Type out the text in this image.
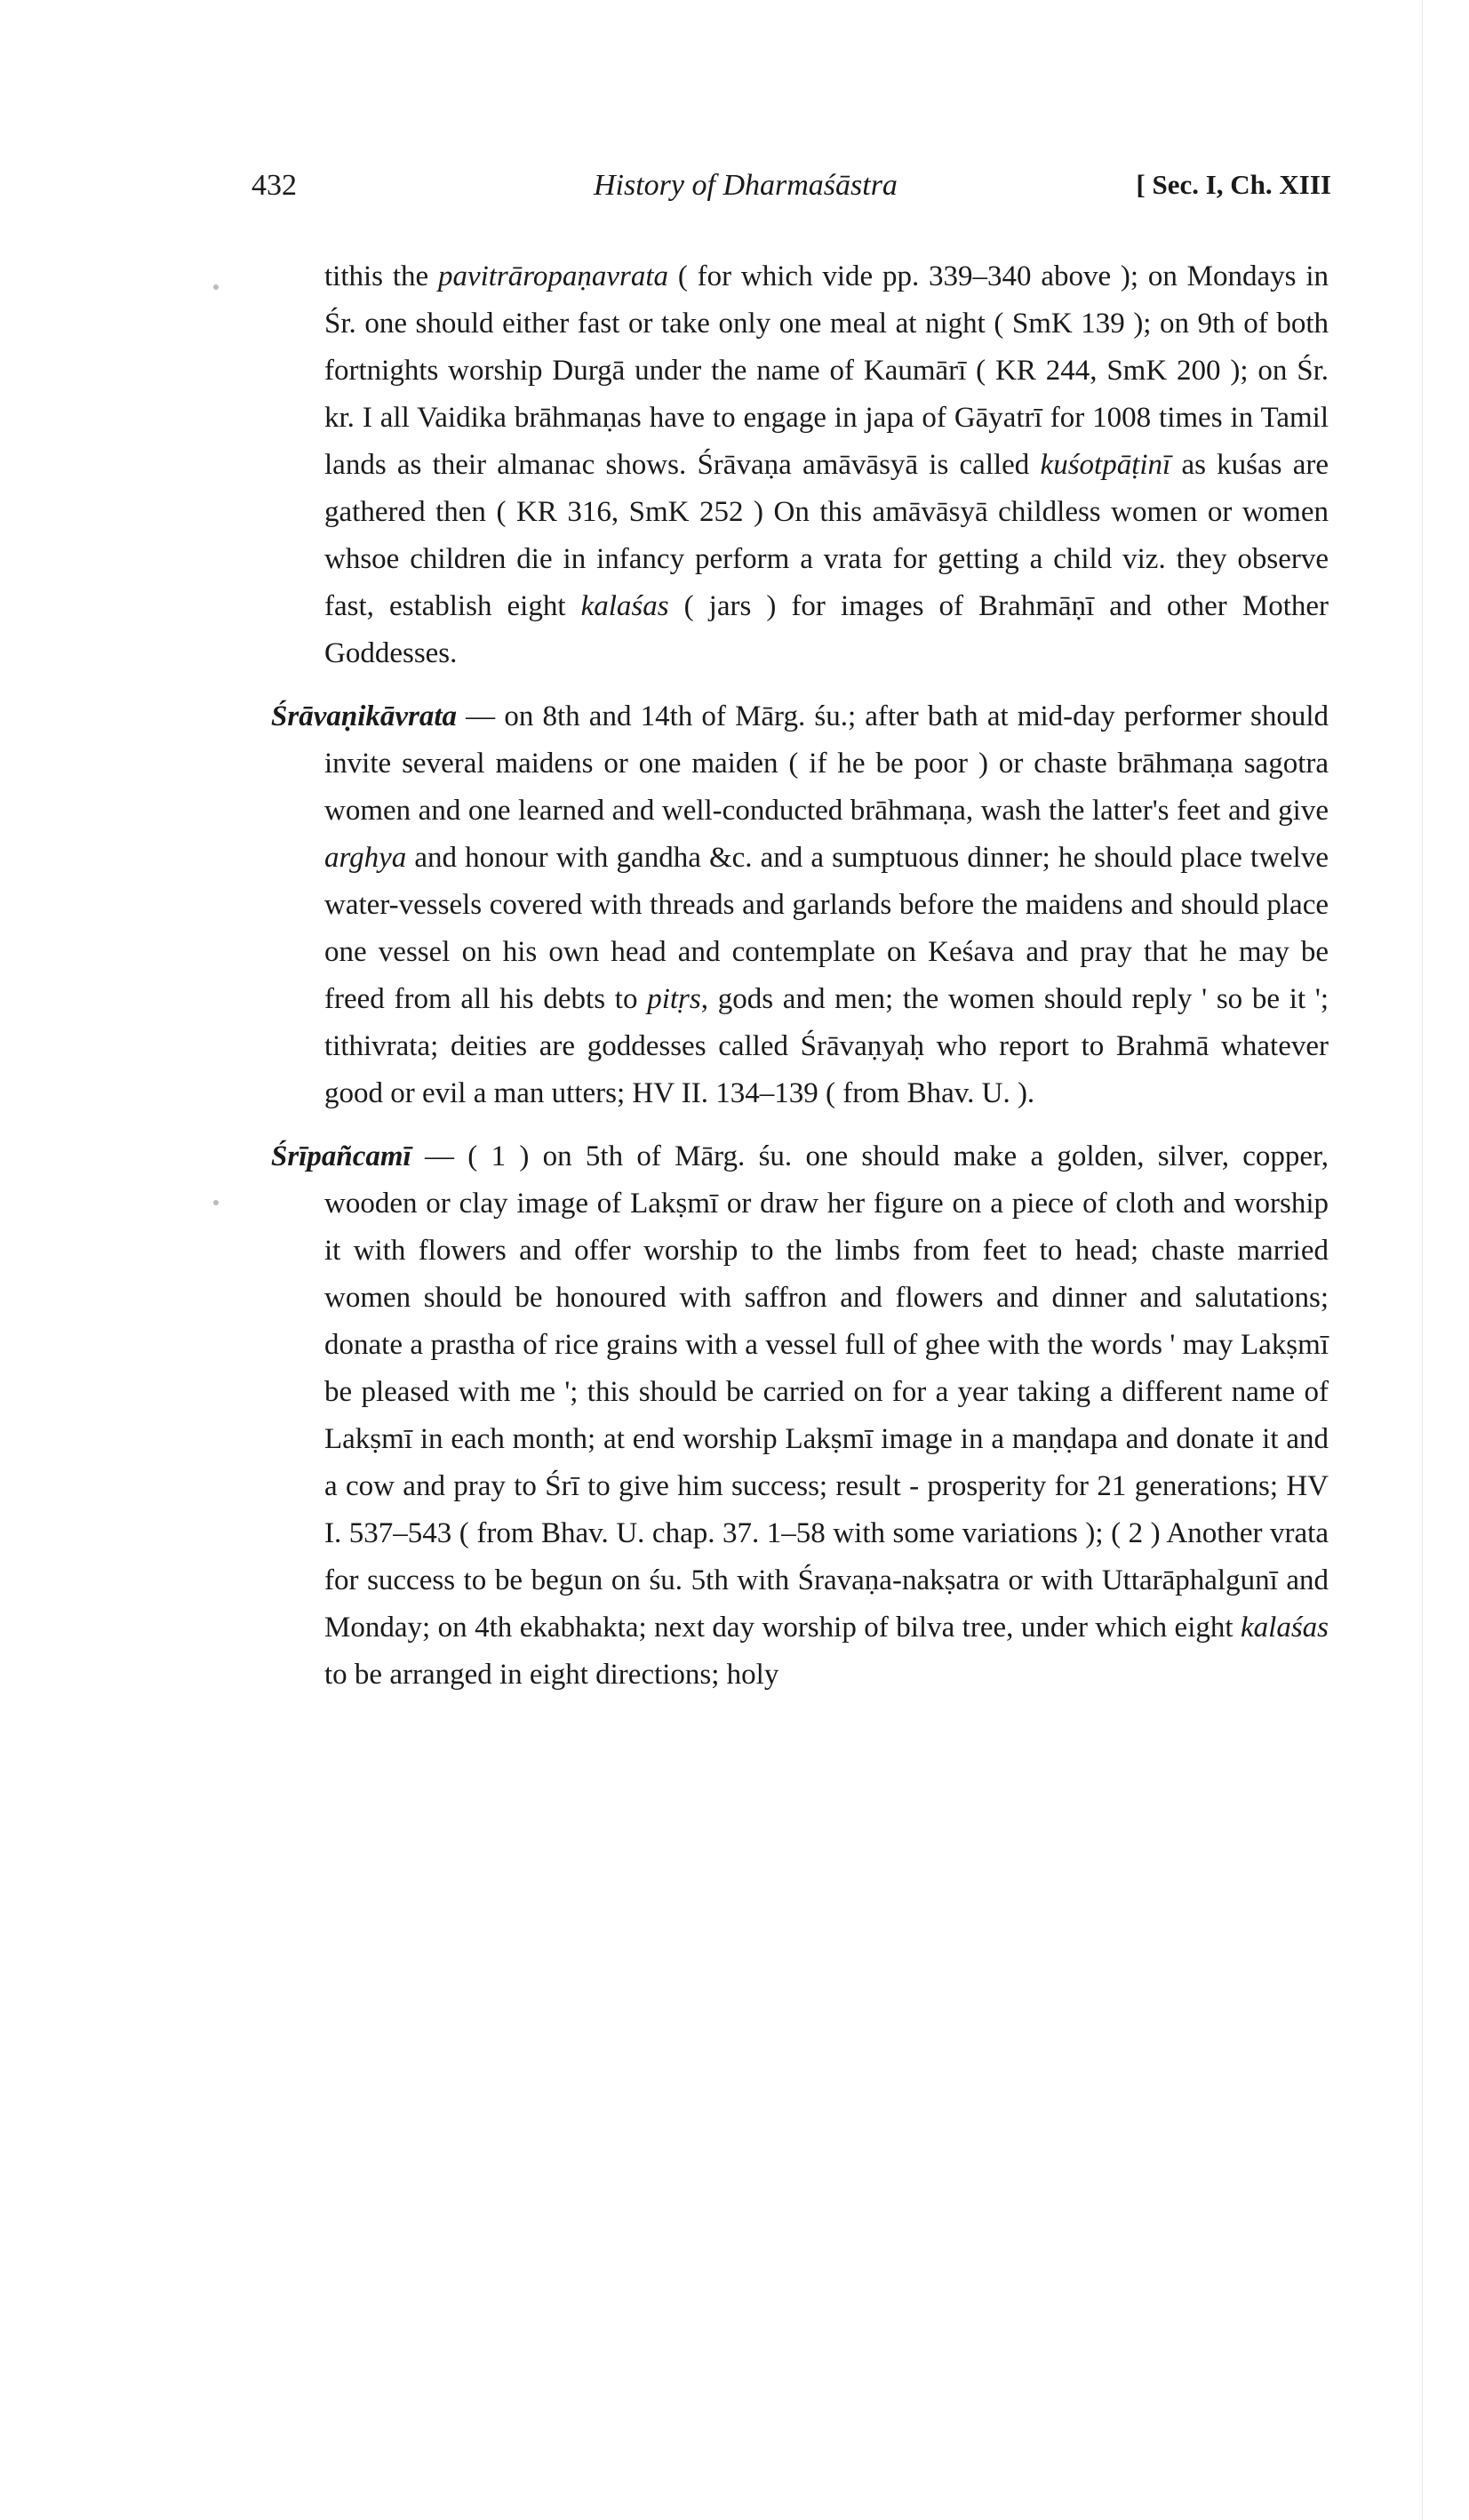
432	History of Dharmaśāstra	[ Sec. I, Ch. XIII

tithis the pavitrāropaṇavrata ( for which vide pp. 339–340 above ); on Mondays in Śr. one should either fast or take only one meal at night ( SmK 139 ); on 9th of both fortnights worship Durgā under the name of Kaumārī ( KR 244, SmK 200 ); on Śr. kr. I all Vaidika brāhmaṇas have to engage in japa of Gāyatrī for 1008 times in Tamil lands as their almanac shows. Śrāvaṇa amāvāsyā is called kuśotpāṭinī as kuśas are gathered then ( KR 316, SmK 252 ) On this amāvāsyā childless women or women whsoe children die in infancy perform a vrata for getting a child viz. they observe fast, establish eight kalaśas ( jars ) for images of Brahmāṇī and other Mother Goddesses.

Śrāvaṇikāvrata — on 8th and 14th of Mārg. śu.; after bath at mid-day performer should invite several maidens or one maiden ( if he be poor ) or chaste brāhmaṇa sagotra women and one learned and well-conducted brāhmaṇa, wash the latter's feet and give arghya and honour with gandha &c. and a sumptuous dinner; he should place twelve water-vessels covered with threads and garlands before the maidens and should place one vessel on his own head and contemplate on Keśava and pray that he may be freed from all his debts to pitṛs, gods and men; the women should reply ' so be it '; tithivrata; deities are goddesses called Śrāvaṇyaḥ who report to Brahmā whatever good or evil a man utters; HV II. 134–139 ( from Bhav. U. ).

Śrīpañcamī — ( 1 ) on 5th of Mārg. śu. one should make a golden, silver, copper, wooden or clay image of Lakṣmī or draw her figure on a piece of cloth and worship it with flowers and offer worship to the limbs from feet to head; chaste married women should be honoured with saffron and flowers and dinner and salutations; donate a prastha of rice grains with a vessel full of ghee with the words ' may Lakṣmī be pleased with me '; this should be carried on for a year taking a different name of Lakṣmī in each month; at end worship Lakṣmī image in a maṇḍapa and donate it and a cow and pray to Śrī to give him success; result - prosperity for 21 generations; HV I. 537–543 ( from Bhav. U. chap. 37. 1–58 with some variations ); ( 2 ) Another vrata for success to be begun on śu. 5th with Śravaṇa-nakṣatra or with Uttarāphalgunī and Monday; on 4th ekabhakta; next day worship of bilva tree, under which eight kalaśas to be arranged in eight directions; holy
